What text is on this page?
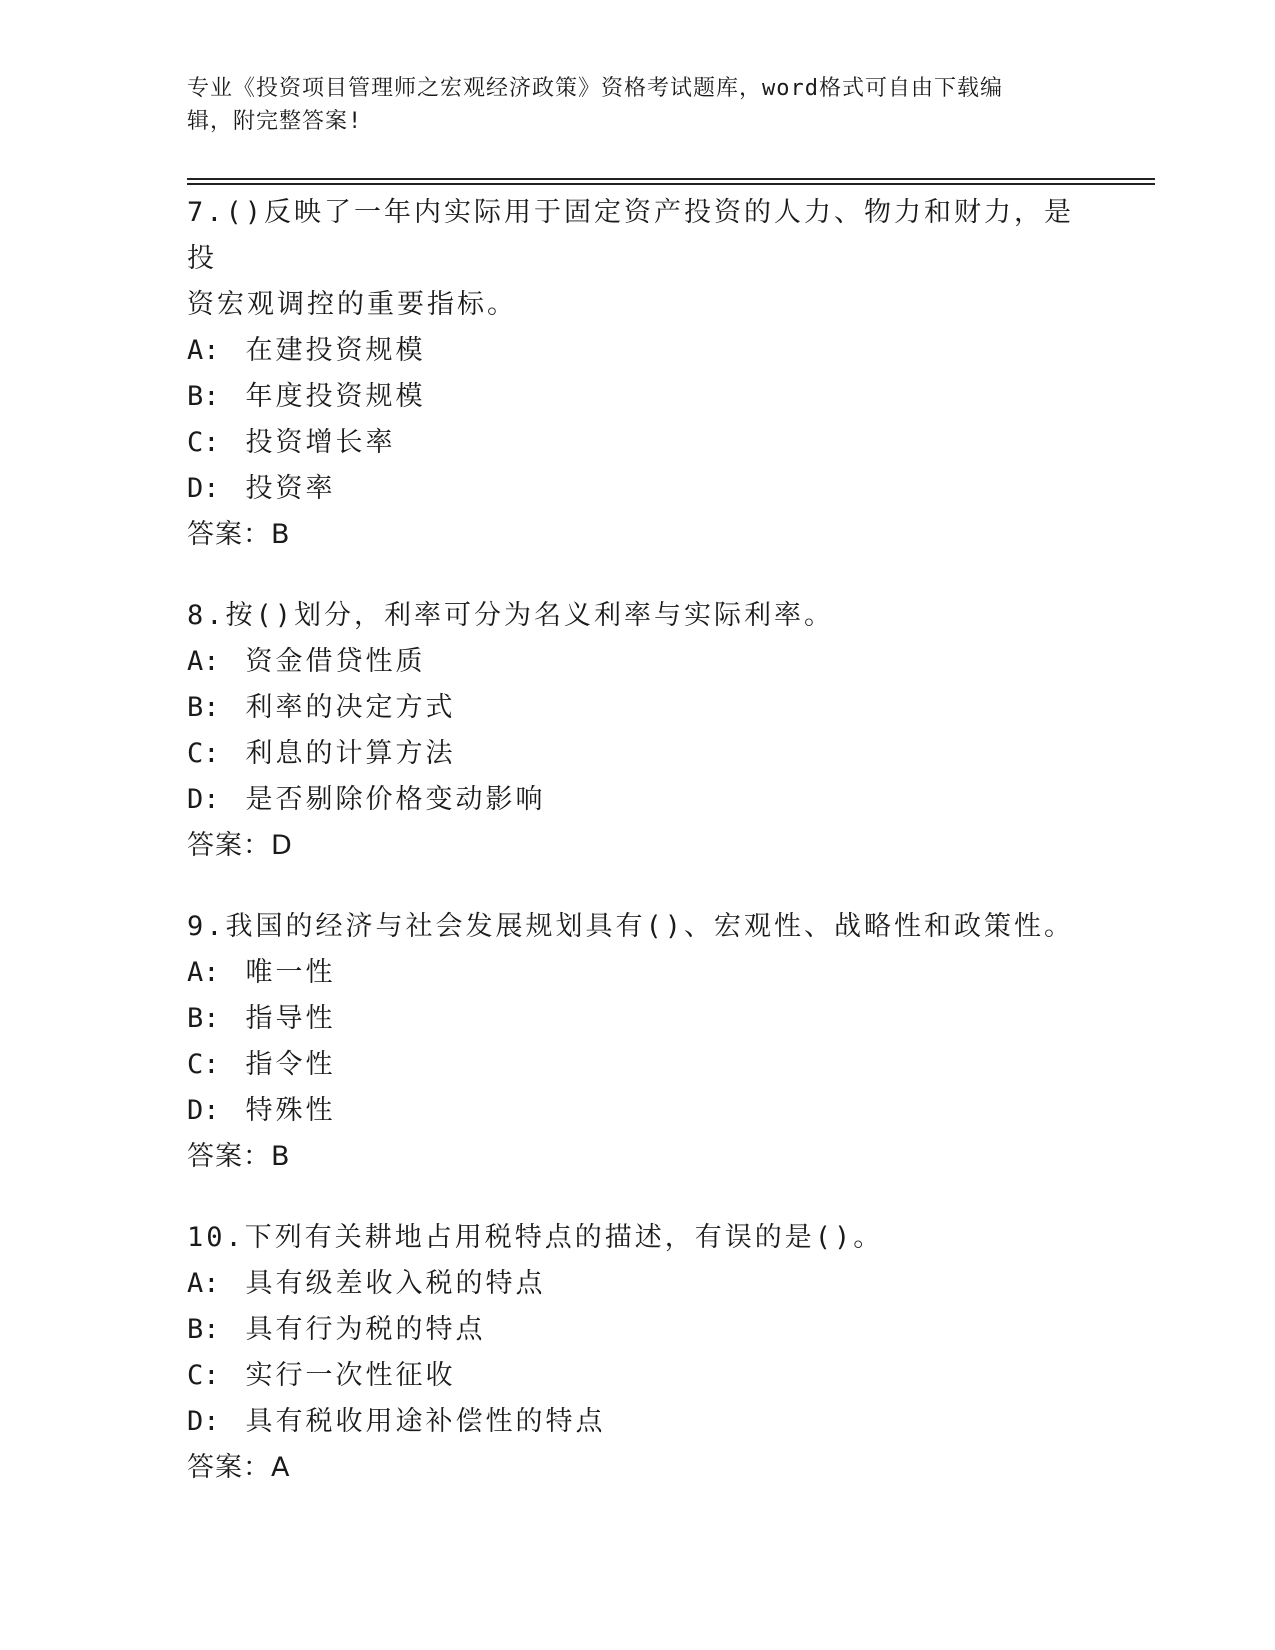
专业《投资项目管理师之宏观经济政策》资格考试题库，word格式可自由下载编
辑，附完整答案!
7.()反映了一年内实际用于固定资产投资的人力、物力和财力，是投
资宏观调控的重要指标。
A: 在建投资规模
B: 年度投资规模
C: 投资增长率
D: 投资率
答案：B
8.按()划分，利率可分为名义利率与实际利率。
A: 资金借贷性质
B: 利率的决定方式
C: 利息的计算方法
D: 是否剔除价格变动影响
答案：D
9.我国的经济与社会发展规划具有()、宏观性、战略性和政策性。
A: 唯一性
B: 指导性
C: 指令性
D: 特殊性
答案：B
10.下列有关耕地占用税特点的描述，有误的是()。
A: 具有级差收入税的特点
B: 具有行为税的特点
C: 实行一次性征收
D: 具有税收用途补偿性的特点
答案：A
